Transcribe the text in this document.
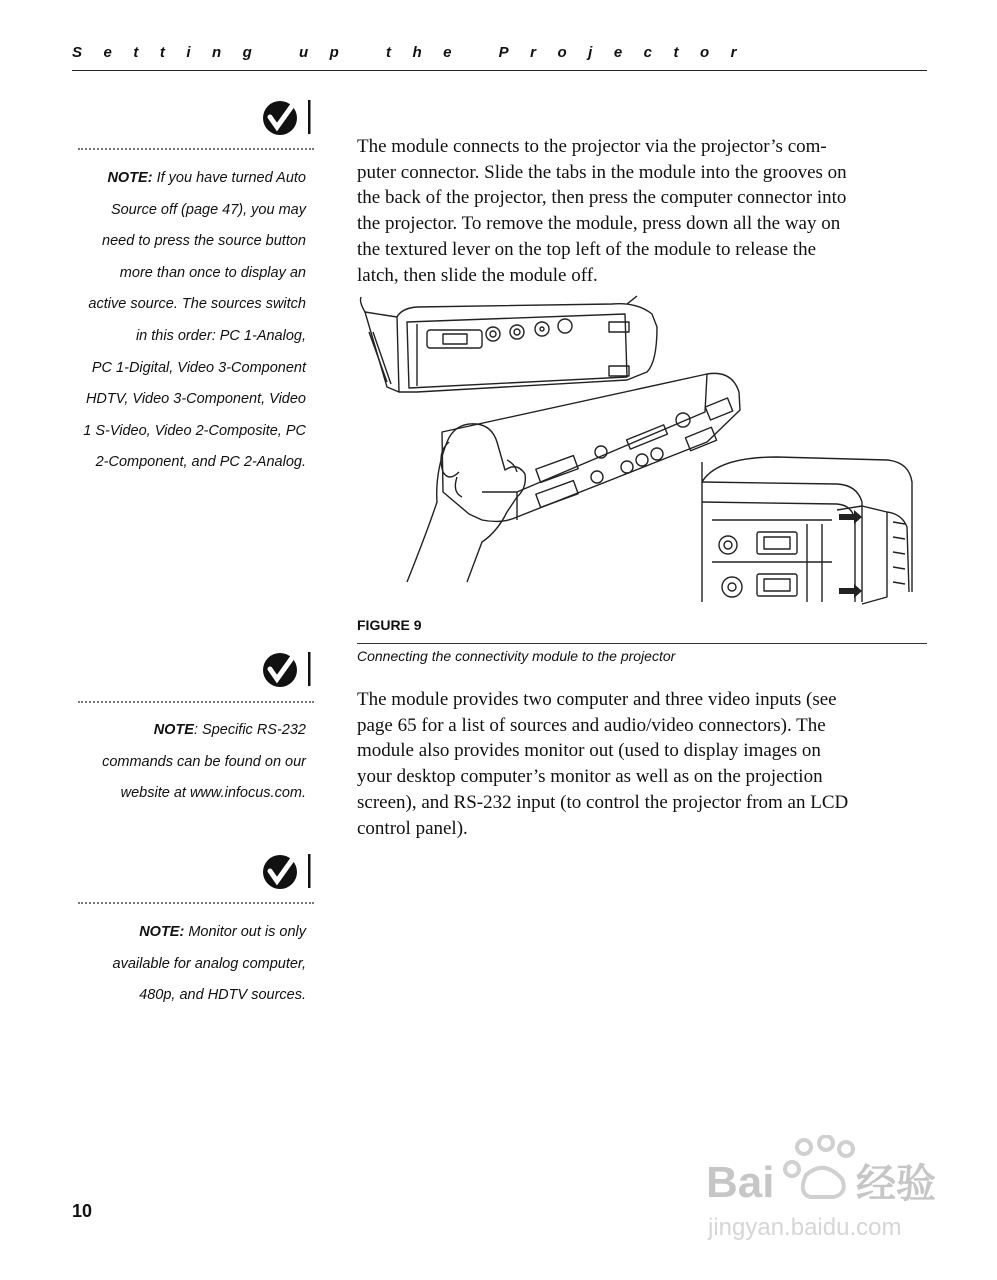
Setting up the Projector
NOTE: If you have turned Auto
Source off (page 47), you may
need to press the source button
more than once to display an
active source. The sources switch
in this order: PC 1-Analog,
PC 1-Digital, Video 3-Component
HDTV, Video 3-Component, Video
1 S-Video, Video 2-Composite, PC
2-Component, and PC 2-Analog.
NOTE: Specific RS-232
commands can be found on our
website at www.infocus.com.
NOTE: Monitor out is only
available for analog computer,
480p, and HDTV sources.

The module connects to the projector via the projector’s com-
puter connector. Slide the tabs in the module into the grooves on
the back of the projector, then press the computer connector into
the projector. To remove the module, press down all the way on
the textured lever on the top left of the module to release the
latch, then slide the module off.

FIGURE 9
Connecting the connectivity module to the projector

The module provides two computer and three video inputs (see
page 65 for a list of sources and audio/video connectors). The
module also provides monitor out (used to display images on
your desktop computer’s monitor as well as on the projection
screen), and RS-232 input (to control the projector from an LCD
control panel).

10
Bai du 经验
jingyan.baidu.com
